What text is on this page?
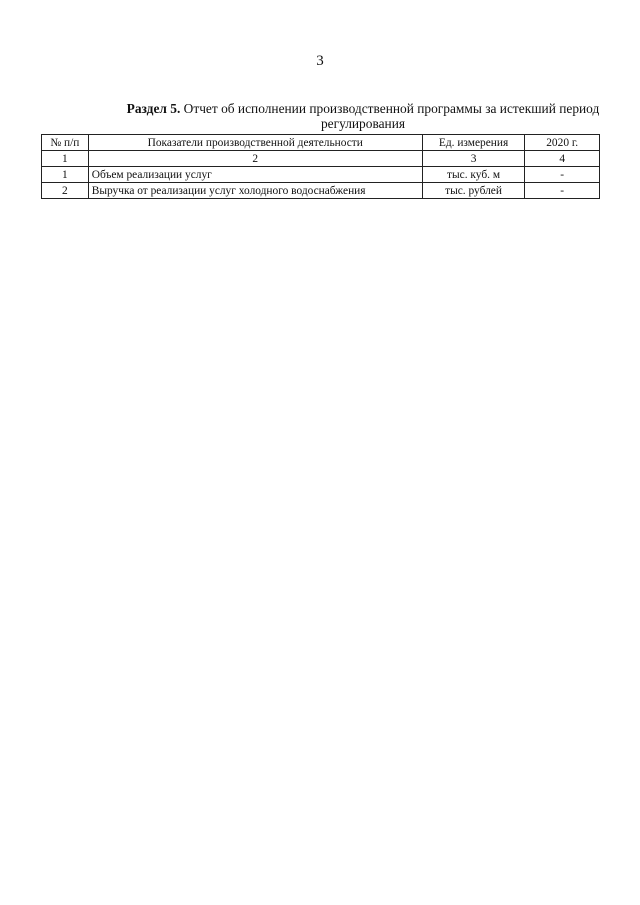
3
Раздел 5. Отчет об исполнении производственной программы за истекший период регулирования
№ п/п	Показатели производственной деятельности	Ед. измерения	2020 г.
1	2	3	4
1	Объем реализации услуг	тыс. куб. м	-
2	Выручка от реализации услуг холодного водоснабжения	тыс. рублей	-
